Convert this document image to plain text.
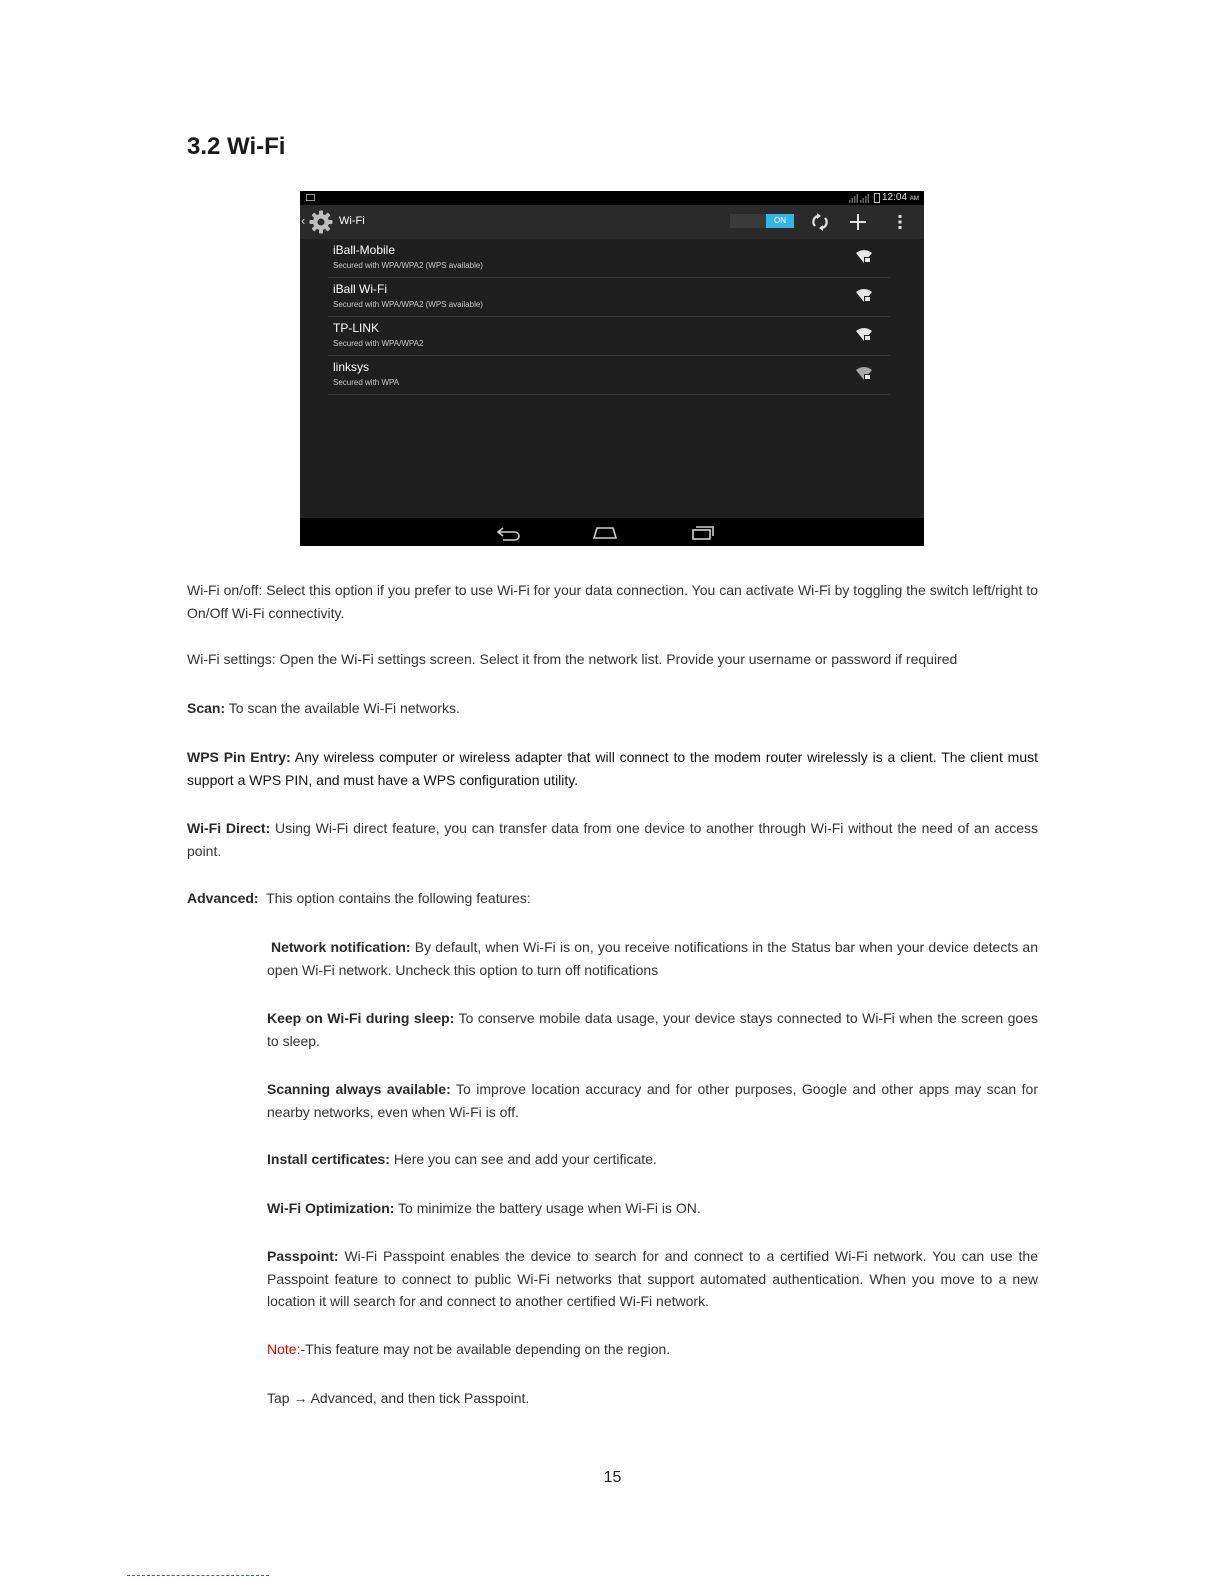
3.2 Wi-Fi
12:04 AM
‹	Wi-Fi	ON
iBall-Mobile
Secured with WPA/WPA2 (WPS available)
iBall Wi-Fi
Secured with WPA/WPA2 (WPS available)
TP-LINK
Secured with WPA/WPA2
linksys
Secured with WPA

Wi-Fi on/off: Select this option if you prefer to use Wi-Fi for your data connection. You can activate Wi-Fi by toggling the switch left/right to On/Off Wi-Fi connectivity.

Wi-Fi settings: Open the Wi-Fi settings screen. Select it from the network list. Provide your username or password if required

Scan: To scan the available Wi-Fi networks.

WPS Pin Entry: Any wireless computer or wireless adapter that will connect to the modem router wirelessly is a client. The client must support a WPS PIN, and must have a WPS configuration utility.

Wi-Fi Direct: Using Wi-Fi direct feature, you can transfer data from one device to another through Wi-Fi without the need of an access point.

Advanced:  This option contains the following features:

Network notification: By default, when Wi-Fi is on, you receive notifications in the Status bar when your device detects an open Wi-Fi network. Uncheck this option to turn off notifications

Keep on Wi-Fi during sleep: To conserve mobile data usage, your device stays connected to Wi-Fi when the screen goes to sleep.

Scanning always available: To improve location accuracy and for other purposes, Google and other apps may scan for nearby networks, even when Wi-Fi is off.

Install certificates: Here you can see and add your certificate.

Wi-Fi Optimization: To minimize the battery usage when Wi-Fi is ON.

Passpoint: Wi-Fi Passpoint enables the device to search for and connect to a certified Wi-Fi network. You can use the Passpoint feature to connect to public Wi-Fi networks that support automated authentication. When you move to a new location it will search for and connect to another certified Wi-Fi network.

Note:-This feature may not be available depending on the region.

Tap → Advanced, and then tick Passpoint.

15
